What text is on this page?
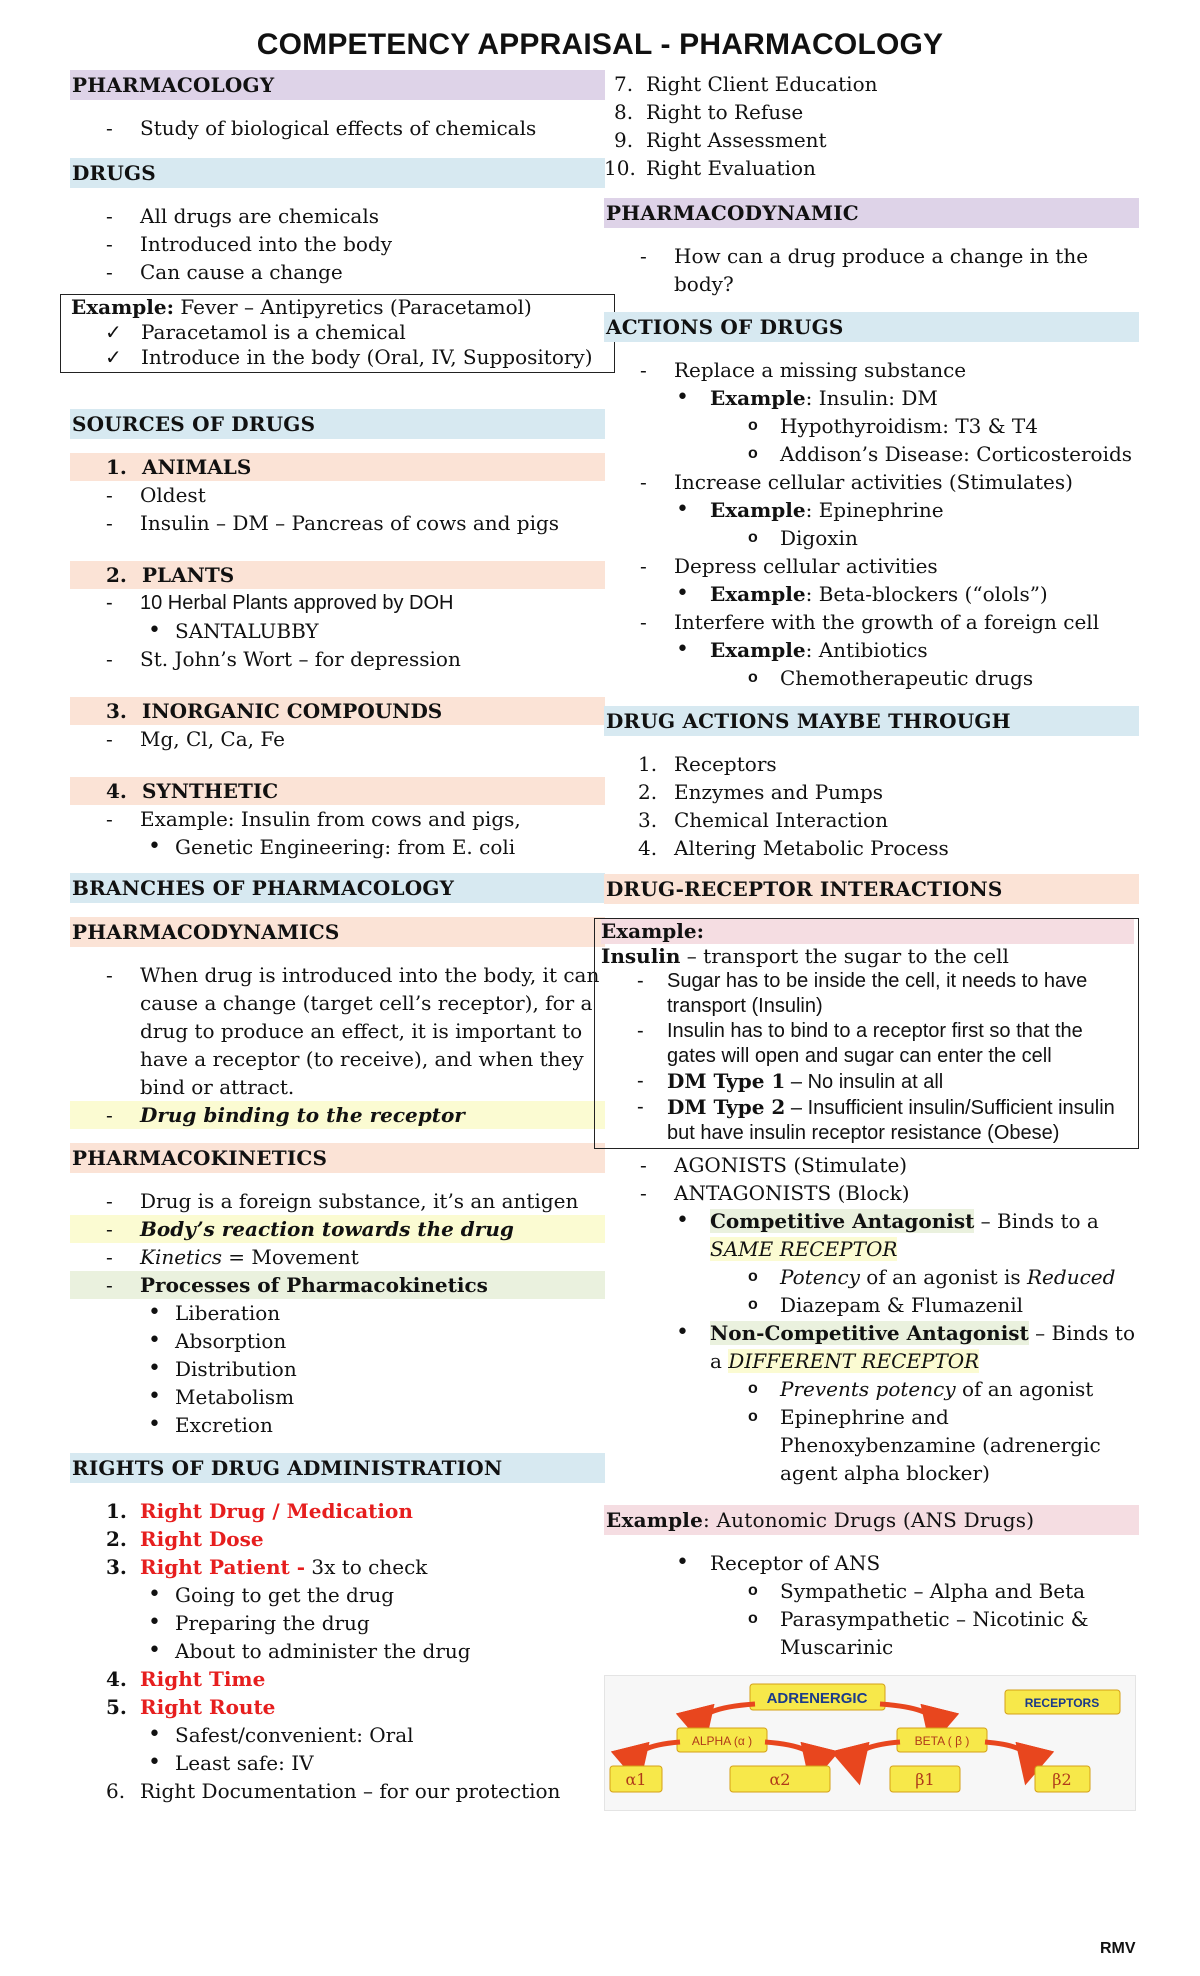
COMPETENCY APPRAISAL - PHARMACOLOGY
PHARMACOLOGY
- Study of biological effects of chemicals
DRUGS
- All drugs are chemicals
- Introduced into the body
- Can cause a change
Example: Fever – Antipyretics (Paracetamol)
✓ Paracetamol is a chemical
✓ Introduce in the body (Oral, IV, Suppository)
SOURCES OF DRUGS
1. ANIMALS
- Oldest
- Insulin – DM – Pancreas of cows and pigs
2. PLANTS
- 10 Herbal Plants approved by DOH
• SANTALUBBY
- St. John’s Wort – for depression
3. INORGANIC COMPOUNDS
- Mg, Cl, Ca, Fe
4. SYNTHETIC
- Example: Insulin from cows and pigs,
• Genetic Engineering: from E. coli
BRANCHES OF PHARMACOLOGY
PHARMACODYNAMICS
- When drug is introduced into the body, it can cause a change (target cell’s receptor), for a drug to produce an effect, it is important to have a receptor (to receive), and when they bind or attract.
- Drug binding to the receptor
PHARMACOKINETICS
- Drug is a foreign substance, it’s an antigen
- Body’s reaction towards the drug
- Kinetics = Movement
- Processes of Pharmacokinetics
• Liberation
• Absorption
• Distribution
• Metabolism
• Excretion
RIGHTS OF DRUG ADMINISTRATION
1. Right Drug / Medication
2. Right Dose
3. Right Patient - 3x to check
• Going to get the drug
• Preparing the drug
• About to administer the drug
4. Right Time
5. Right Route
• Safest/convenient: Oral
• Least safe: IV
6. Right Documentation – for our protection
7. Right Client Education
8. Right to Refuse
9. Right Assessment
10. Right Evaluation
PHARMACODYNAMIC
- How can a drug produce a change in the body?
ACTIONS OF DRUGS
- Replace a missing substance
• Example: Insulin: DM
o Hypothyroidism: T3 & T4
o Addison’s Disease: Corticosteroids
- Increase cellular activities (Stimulates)
• Example: Epinephrine
o Digoxin
- Depress cellular activities
• Example: Beta-blockers (“olols”)
- Interfere with the growth of a foreign cell
• Example: Antibiotics
o Chemotherapeutic drugs
DRUG ACTIONS MAYBE THROUGH
1. Receptors
2. Enzymes and Pumps
3. Chemical Interaction
4. Altering Metabolic Process
DRUG-RECEPTOR INTERACTIONS
Example:
Insulin – transport the sugar to the cell
- Sugar has to be inside the cell, it needs to have transport (Insulin)
- Insulin has to bind to a receptor first so that the gates will open and sugar can enter the cell
- DM Type 1 – No insulin at all
- DM Type 2 – Insufficient insulin/Sufficient insulin but have insulin receptor resistance (Obese)
- AGONISTS (Stimulate)
- ANTAGONISTS (Block)
• Competitive Antagonist – Binds to a SAME RECEPTOR
o Potency of an agonist is Reduced
o Diazepam & Flumazenil
• Non-Competitive Antagonist – Binds to a DIFFERENT RECEPTOR
o Prevents potency of an agonist
o Epinephrine and Phenoxybenzamine (adrenergic agent alpha blocker)
Example: Autonomic Drugs (ANS Drugs)
• Receptor of ANS
o Sympathetic – Alpha and Beta
o Parasympathetic – Nicotinic & Muscarinic
ADRENERGIC	RECEPTORS
ALPHA (α )	BETA ( β )
α1	α2	β1	β2
RMV
